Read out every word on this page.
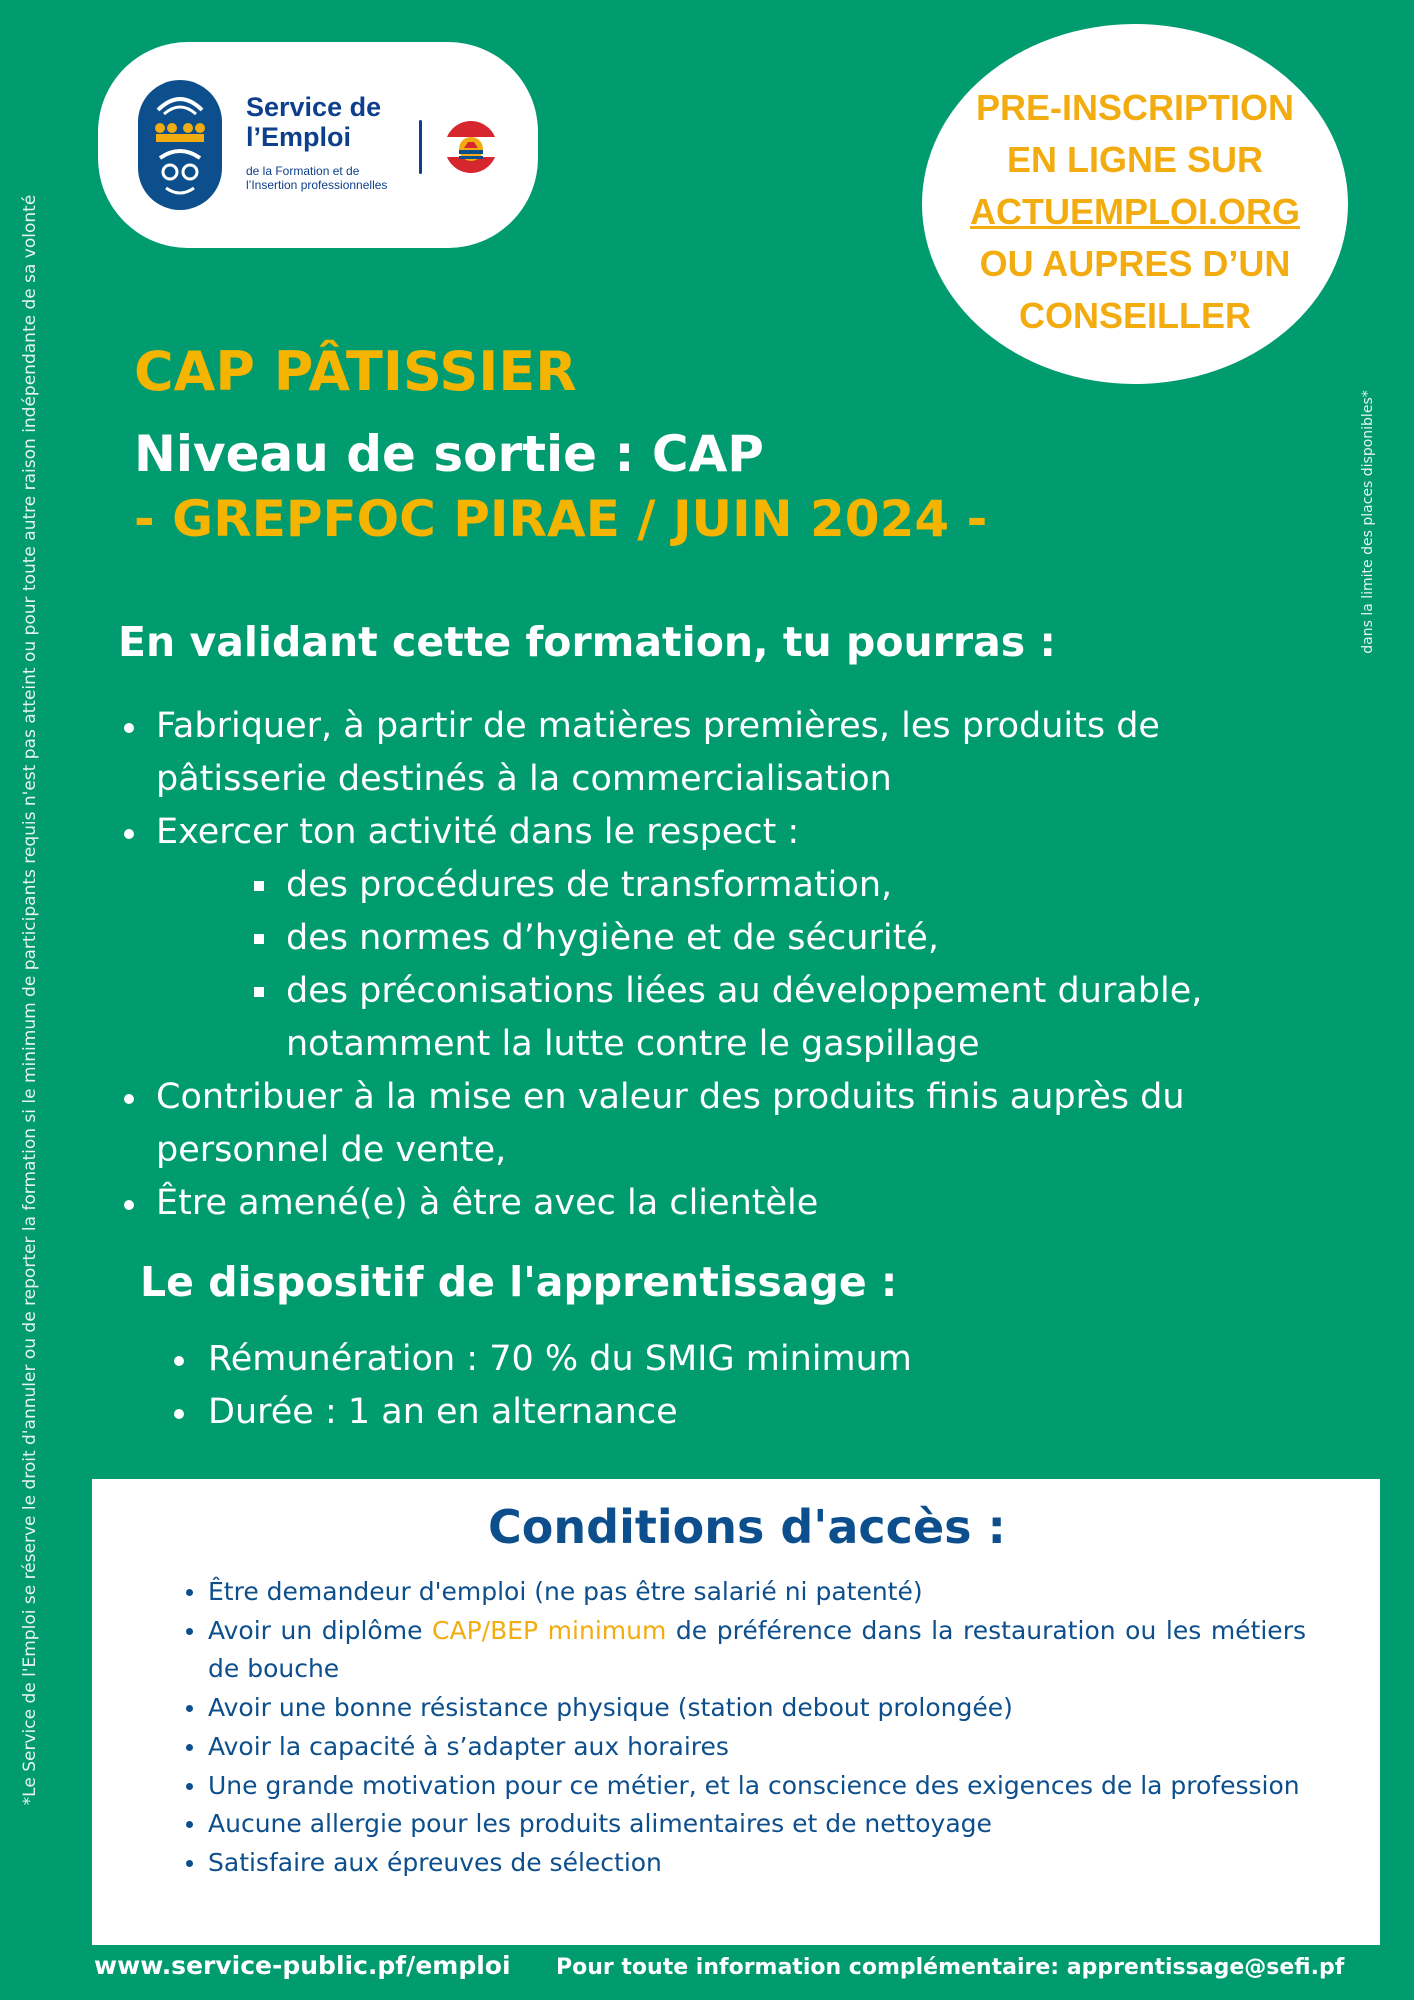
*Le Service de l'Emploi se réserve le droit d'annuler ou de reporter la formation si le minimum de participants requis n'est pas atteint ou pour toute autre raison indépendante de sa volonté	dans la limite des places disponibles*
Service de
l’Emploi
de la Formation et de
l’Insertion professionnelles
PRE-INSCRIPTION
EN LIGNE SUR
ACTUEMPLOI.ORG
OU AUPRES D’UN
CONSEILLER
CAP PÂTISSIER
Niveau de sortie : CAP
- GREPFOC PIRAE / JUIN 2024 -
En validant cette formation, tu pourras :
Fabriquer, à partir de matières premières, les produits de
pâtisserie destinés à la commercialisation
Exercer ton activité dans le respect :
des procédures de transformation,
des normes d’hygiène et de sécurité,
des préconisations liées au développement durable,
notamment la lutte contre le gaspillage
Contribuer à la mise en valeur des produits finis auprès du
personnel de vente,
Être amené(e) à être avec la clientèle
Le dispositif de l'apprentissage :
Rémunération : 70 % du SMIG minimum
Durée : 1 an en alternance
Conditions d'accès :
Être demandeur d'emploi (ne pas être salarié ni patenté)
Avoir un diplôme CAP/BEP minimum de préférence dans la restauration ou les métiers de bouche
Avoir une bonne résistance physique (station debout prolongée)
Avoir la capacité à s’adapter aux horaires
Une grande motivation pour ce métier, et la conscience des exigences de la profession
Aucune allergie pour les produits alimentaires et de nettoyage
Satisfaire aux épreuves de sélection
www.service-public.pf/emploi Pour toute information complémentaire: apprentissage@sefi.pf
